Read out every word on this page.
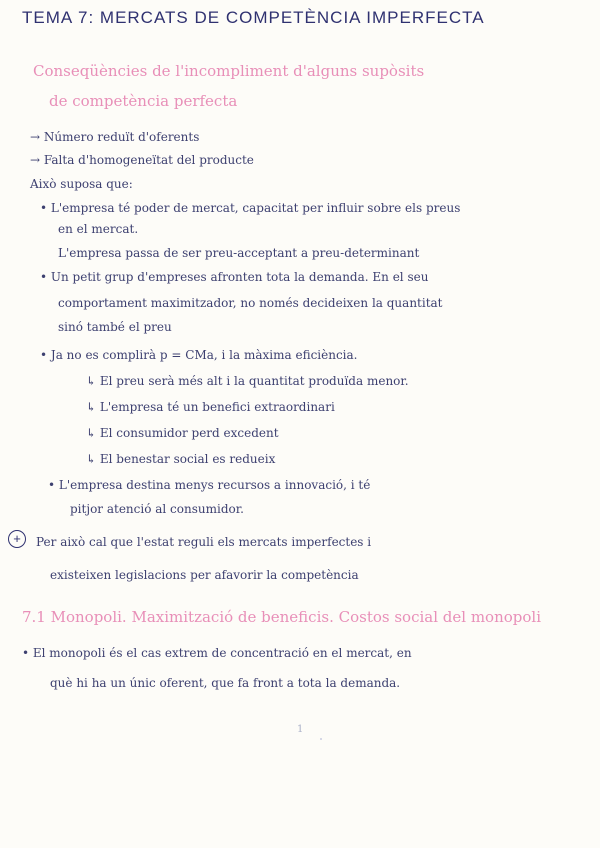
TEMA 7: MERCATS DE COMPETÈNCIA IMPERFECTA
Conseqüències de l'incompliment d'alguns supòsits
de competència perfecta
→ Número reduït d'oferents
→ Falta d'homogeneïtat del producte
Això suposa que:
• L'empresa té poder de mercat, capacitat per influir sobre els preus
en el mercat.
L'empresa passa de ser preu-acceptant a preu-determinant
• Un petit grup d'empreses afronten tota la demanda. En el seu
comportament maximitzador, no només decideixen la quantitat
sinó també el preu
• Ja no es complirà p = CMa, i la màxima eficiència.
↳ El preu serà més alt i la quantitat produïda menor.
↳ L'empresa té un benefici extraordinari
↳ El consumidor perd excedent
↳ El benestar social es redueix
• L'empresa destina menys recursos a innovació, i té
pitjor atenció al consumidor.
+	Per això cal que l'estat reguli els mercats imperfectes i
existeixen legislacions per afavorir la competència
7.1 Monopoli. Maximització de beneficis. Costos social del monopoli
• El monopoli és el cas extrem de concentració en el mercat, en
què hi ha un únic oferent, que fa front a tota la demanda.
1
